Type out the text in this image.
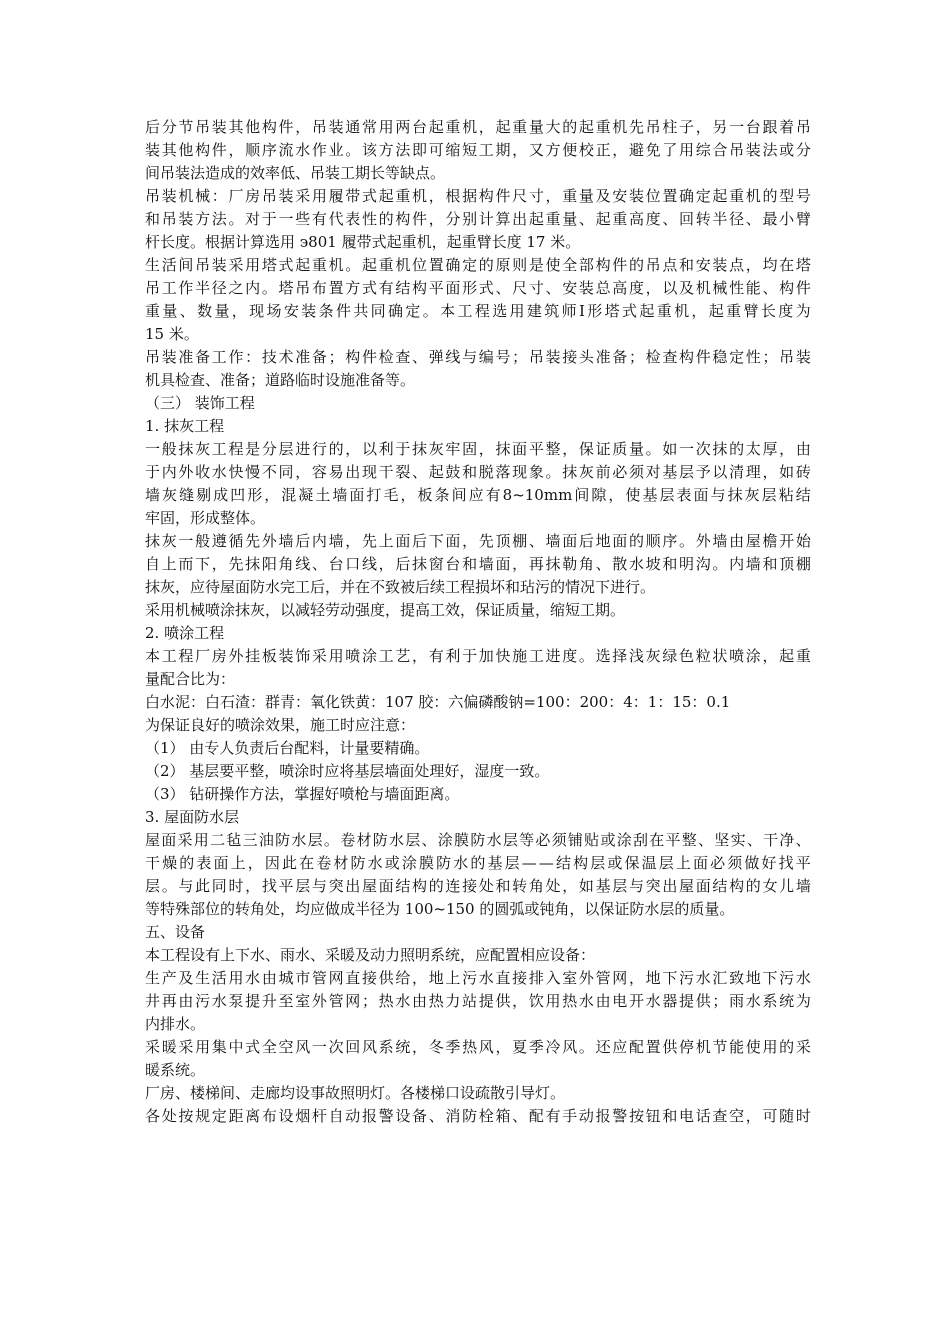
后 分 节 吊 装 其 他 构 件 ， 吊 装 通 常 用 两 台 起 重 机 ， 起 重 量 大 的 起 重 机 先 吊 柱 子 ， 另 一 台 跟 着 吊
装 其 他 构 件 ， 顺 序 流 水 作 业 。 该 方 法 即 可 缩 短 工 期 ， 又 方 便 校 正 ， 避 免 了 用 综 合 吊 装 法 或 分
间吊装法造成的效率低、吊装工期长等缺点。
吊 装 机 械 ： 厂 房 吊 装 采 用 履 带 式 起 重 机 ， 根 据 构 件 尺 寸 ， 重 量 及 安 装 位 置 确 定 起 重 机 的 型 号
和 吊 装 方 法 。 对 于 一 些 有 代 表 性 的 构 件 ， 分 别 计 算 出 起 重 量 、 起 重 高 度 、 回 转 半 径 、 最 小 臂
杆长度。根据计算选用 э801 履带式起重机，起重臂长度 17 米。
生 活 间 吊 装 采 用 塔 式 起 重 机 。 起 重 机 位 置 确 定 的 原 则 是 使 全 部 构 件 的 吊 点 和 安 装 点 ， 均 在 塔
吊 工 作 半 径 之 内 。 塔 吊 布 置 方 式 有 结 构 平 面 形 式 、 尺 寸 、 安 装 总 高 度 ， 以 及 机 械 性 能 、 构 件
重 量 、 数 量 ， 现 场 安 装 条 件 共 同 确 定 。 本 工 程 选 用 建 筑 师 Ⅰ 形 塔 式 起 重 机 ， 起 重 臂 长 度 为
15 米。
吊 装 准 备 工 作 ： 技 术 准 备 ； 构 件 检 查 、 弹 线 与 编 号 ； 吊 装 接 头 准 备 ； 检 查 构 件 稳 定 性 ； 吊 装
机具检查、准备；道路临时设施准备等。
（三） 装饰工程
1. 抹灰工程
一 般 抹 灰 工 程 是 分 层 进 行 的 ， 以 利 于 抹 灰 牢 固 ， 抹 面 平 整 ， 保 证 质 量 。 如 一 次 抹 的 太 厚 ， 由
于 内 外 收 水 快 慢 不 同 ， 容 易 出 现 干 裂 、 起 鼓 和 脱 落 现 象 。 抹 灰 前 必 须 对 基 层 予 以 清 理 ， 如 砖
墙 灰 缝 剔 成 凹 形 ， 混 凝 土 墙 面 打 毛 ， 板 条 间 应 有 8~10mm 间 隙 ， 使 基 层 表 面 与 抹 灰 层 粘 结
牢固，形成整体。
抹 灰 一 般 遵 循 先 外 墙 后 内 墙 ， 先 上 面 后 下 面 ， 先 顶 棚 、 墙 面 后 地 面 的 顺 序 。 外 墙 由 屋 檐 开 始
自 上 而 下 ， 先 抹 阳 角 线 、 台 口 线 ， 后 抹 窗 台 和 墙 面 ， 再 抹 勒 角 、 散 水 坡 和 明 沟 。 内 墙 和 顶 棚
抹灰，应待屋面防水完工后，并在不致被后续工程损坏和玷污的情况下进行。
采用机械喷涂抹灰，以减轻劳动强度，提高工效，保证质量，缩短工期。
2. 喷涂工程
本 工 程 厂 房 外 挂 板 装 饰 采 用 喷 涂 工 艺 ， 有 利 于 加 快 施 工 进 度 。 选 择 浅 灰 绿 色 粒 状 喷 涂 ， 起 重
量配合比为：
白水泥：白石渣：群青：氧化铁黄：107 胶：六偏磷酸钠=100：200：4：1：15：0.1
为保证良好的喷涂效果，施工时应注意：
（1） 由专人负责后台配料，计量要精确。
（2） 基层要平整，喷涂时应将基层墙面处理好，湿度一致。
（3） 钻研操作方法，掌握好喷枪与墙面距离。
3. 屋面防水层
屋 面 采 用 二 毡 三 油 防 水 层 。 卷 材 防 水 层 、 涂 膜 防 水 层 等 必 须 铺 贴 或 涂 刮 在 平 整 、 坚 实 、 干 净 、
干 燥 的 表 面 上 ， 因 此 在 卷 材 防 水 或 涂 膜 防 水 的 基 层 — — 结 构 层 或 保 温 层 上 面 必 须 做 好 找 平
层 。 与 此 同 时 ， 找 平 层 与 突 出 屋 面 结 构 的 连 接 处 和 转 角 处 ， 如 基 层 与 突 出 屋 面 结 构 的 女 儿 墙
等特殊部位的转角处，均应做成半径为 100~150 的圆弧或钝角，以保证防水层的质量。
五、设备
本工程设有上下水、雨水、采暖及动力照明系统，应配置相应设备：
生 产 及 生 活 用 水 由 城 市 管 网 直 接 供 给 ， 地 上 污 水 直 接 排 入 室 外 管 网 ， 地 下 污 水 汇 致 地 下 污 水
井 再 由 污 水 泵 提 升 至 室 外 管 网 ； 热 水 由 热 力 站 提 供 ， 饮 用 热 水 由 电 开 水 器 提 供 ； 雨 水 系 统 为
内排水。
采 暖 采 用 集 中 式 全 空 风 一 次 回 风 系 统 ， 冬 季 热 风 ， 夏 季 冷 风 。 还 应 配 置 供 停 机 节 能 使 用 的 采
暖系统。
厂房、楼梯间、走廊均设事故照明灯。各楼梯口设疏散引导灯。
各 处 按 规 定 距 离 布 设 烟 杆 自 动 报 警 设 备 、 消 防 栓 箱 、 配 有 手 动 报 警 按 钮 和 电 话 查 空 ， 可 随 时
